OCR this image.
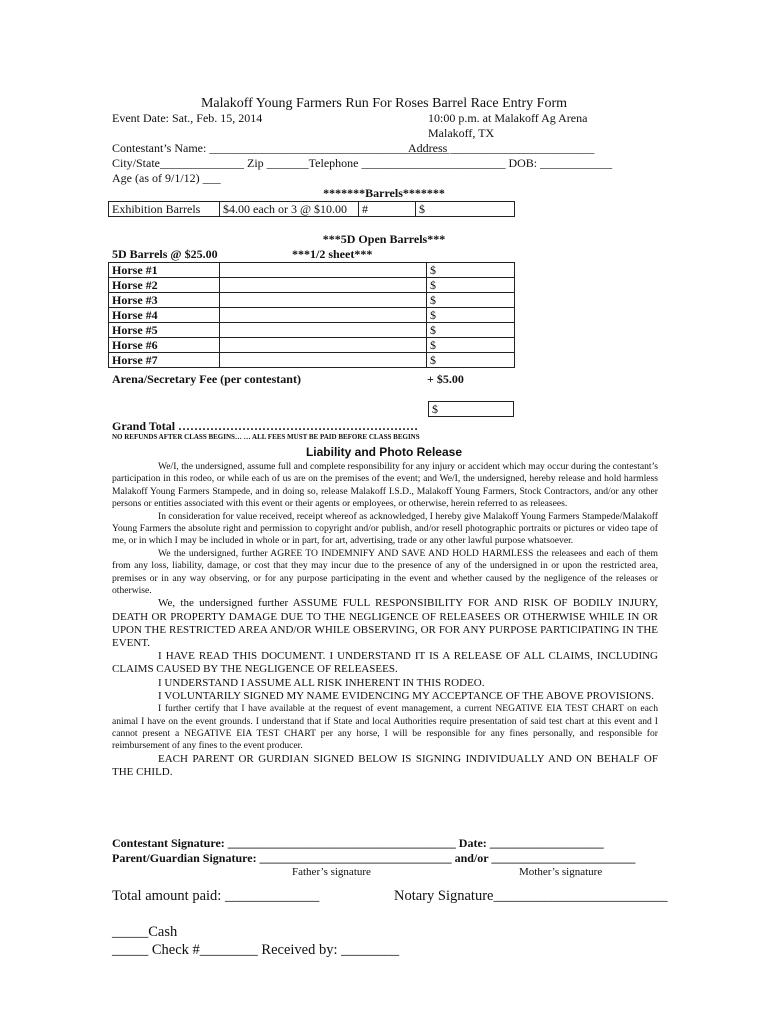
Malakoff Young Farmers Run For Roses Barrel Race Entry Form
Event Date: Sat., Feb. 15, 2014	10:00 p.m. at Malakoff Ag Arena
Malakoff, TX
Contestant’s Name: ________________________________________
Address ________________________
City/State______________ Zip _______Telephone ________________________ DOB: ____________
Age (as of 9/1/12) ___
*******Barrels*******
Exhibition Barrels	$4.00 each or 3 @ $10.00	#	$
***5D Open Barrels***
5D Barrels @ $25.00	***1/2 sheet***
Horse #1		$
Horse #2		$
Horse #3		$
Horse #4		$
Horse #5		$
Horse #6		$
Horse #7		$
Arena/Secretary Fee (per contestant)	+ $5.00
$
Grand Total ……………………………………………………
NO REFUNDS AFTER CLASS BEGINS… … ALL FEES MUST BE PAID BEFORE CLASS BEGINS
Liability and Photo Release

We/I, the undersigned, assume full and complete responsibility for any injury or accident which may occur during the contestant’s participation in this rodeo, or while each of us are on the premises of the event; and We/I, the undersigned, hereby release and hold harmless Malakoff Young Farmers Stampede, and in doing so, release Malakoff I.S.D., Malakoff Young Farmers, Stock Contractors, and/or any other persons or entities associated with this event or their agents or employees, or otherwise, herein referred to as releasees.

In consideration for value received, receipt whereof as acknowledged, I hereby give Malakoff Young Farmers Stampede/Malakoff Young Farmers the absolute right and permission to copyright and/or publish, and/or resell photographic portraits or pictures or video tape of me, or in which I may be included in whole or in part, for art, advertising, trade or any other lawful purpose whatsoever.

We the undersigned, further AGREE TO INDEMNIFY AND SAVE AND HOLD HARMLESS the releasees and each of them from any loss, liability, damage, or cost that they may incur due to the presence of any of the undersigned in or upon the restricted area, premises or in any way observing, or for any purpose participating in the event and whether caused by the negligence of the releases or otherwise.

We, the undersigned further ASSUME FULL RESPONSIBILITY FOR AND RISK OF BODILY INJURY, DEATH OR PROPERTY DAMAGE DUE TO THE NEGLIGENCE OF RELEASEES OR OTHERWISE WHILE IN OR UPON THE RESTRICTED AREA AND/OR WHILE OBSERVING, OR FOR ANY PURPOSE PARTICIPATING IN THE EVENT.

I HAVE READ THIS DOCUMENT. I UNDERSTAND IT IS A RELEASE OF ALL CLAIMS, INCLUDING CLAIMS CAUSED BY THE NEGLIGENCE OF RELEASEES.

I UNDERSTAND I ASSUME ALL RISK INHERENT IN THIS RODEO.

I VOLUNTARILY SIGNED MY NAME EVIDENCING MY ACCEPTANCE OF THE ABOVE PROVISIONS.

I further certify that I have available at the request of event management, a current NEGATIVE EIA TEST CHART on each animal I have on the event grounds. I understand that if State and local Authorities require presentation of said test chart at this event and I cannot present a NEGATIVE EIA TEST CHART per any horse, I will be responsible for any fines personally, and responsible for reimbursement of any fines to the event producer.

EACH PARENT OR GURDIAN SIGNED BELOW IS SIGNING INDIVIDUALLY AND ON BEHALF OF THE CHILD.

Contestant Signature: ______________________________________ Date: ___________________
Parent/Guardian Signature: ________________________________ and/or ________________________
Father’s signature	Mother’s signature
Total amount paid: _____________	Notary Signature________________________
_____Cash
_____ Check #________ Received by: ________
